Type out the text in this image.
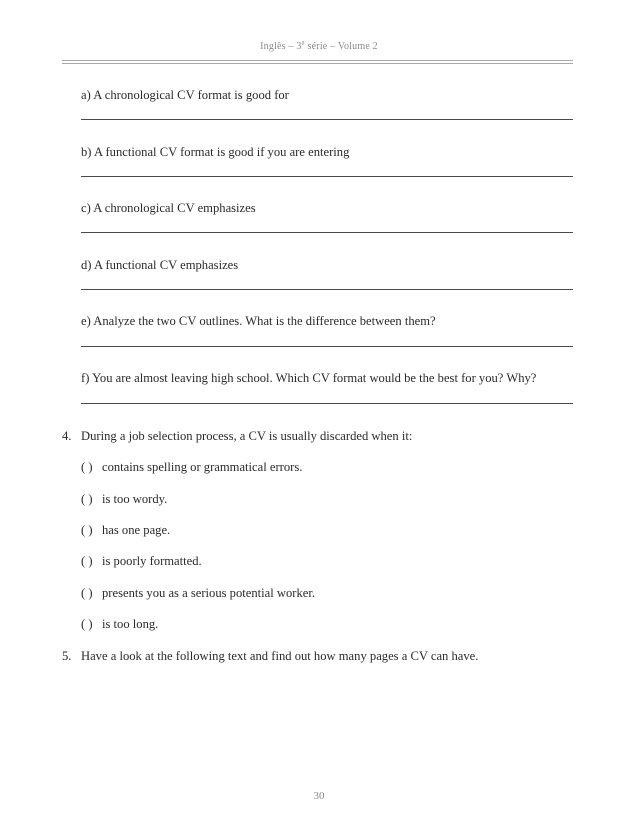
Inglês – 3$^a$ série – Volume 2
a) A chronological CV format is good for
b) A functional CV format is good if you are entering
c) A chronological CV emphasizes
d) A functional CV emphasizes
e) Analyze the two CV outlines. What is the difference between them?
f) You are almost leaving high school. Which CV format would be the best for you? Why?
4. During a job selection process, a CV is usually discarded when it:
( ) contains spelling or grammatical errors.
( ) is too wordy.
( ) has one page.
( ) is poorly formatted.
( ) presents you as a serious potential worker.
( ) is too long.
5. Have a look at the following text and find out how many pages a CV can have.
30
